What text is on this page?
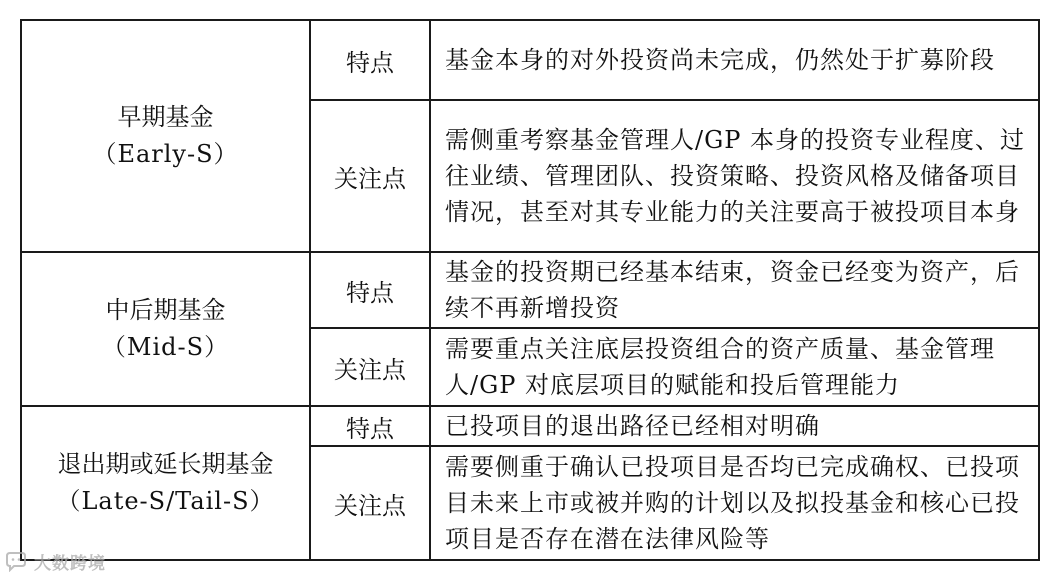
早期基金
（Early-S）	特点	基金本身的对外投资尚未完成，仍然处于扩募阶段
	关注点	需侧重考察基金管理人/GP 本身的投资专业程度、过往业绩、管理团队、投资策略、投资风格及储备项目情况，甚至对其专业能力的关注要高于被投项目本身

中后期基金
（Mid-S）	特点	基金的投资期已经基本结束，资金已经变为资产，后续不再新增投资
	关注点	需要重点关注底层投资组合的资产质量、基金管理人/GP 对底层项目的赋能和投后管理能力

退出期或延长期基金
（Late-S/Tail-S）	特点	已投项目的退出路径已经相对明确
	关注点	需要侧重于确认已投项目是否均已完成确权、已投项目未来上市或被并购的计划以及拟投基金和核心已投项目是否存在潜在法律风险等
大数跨境
